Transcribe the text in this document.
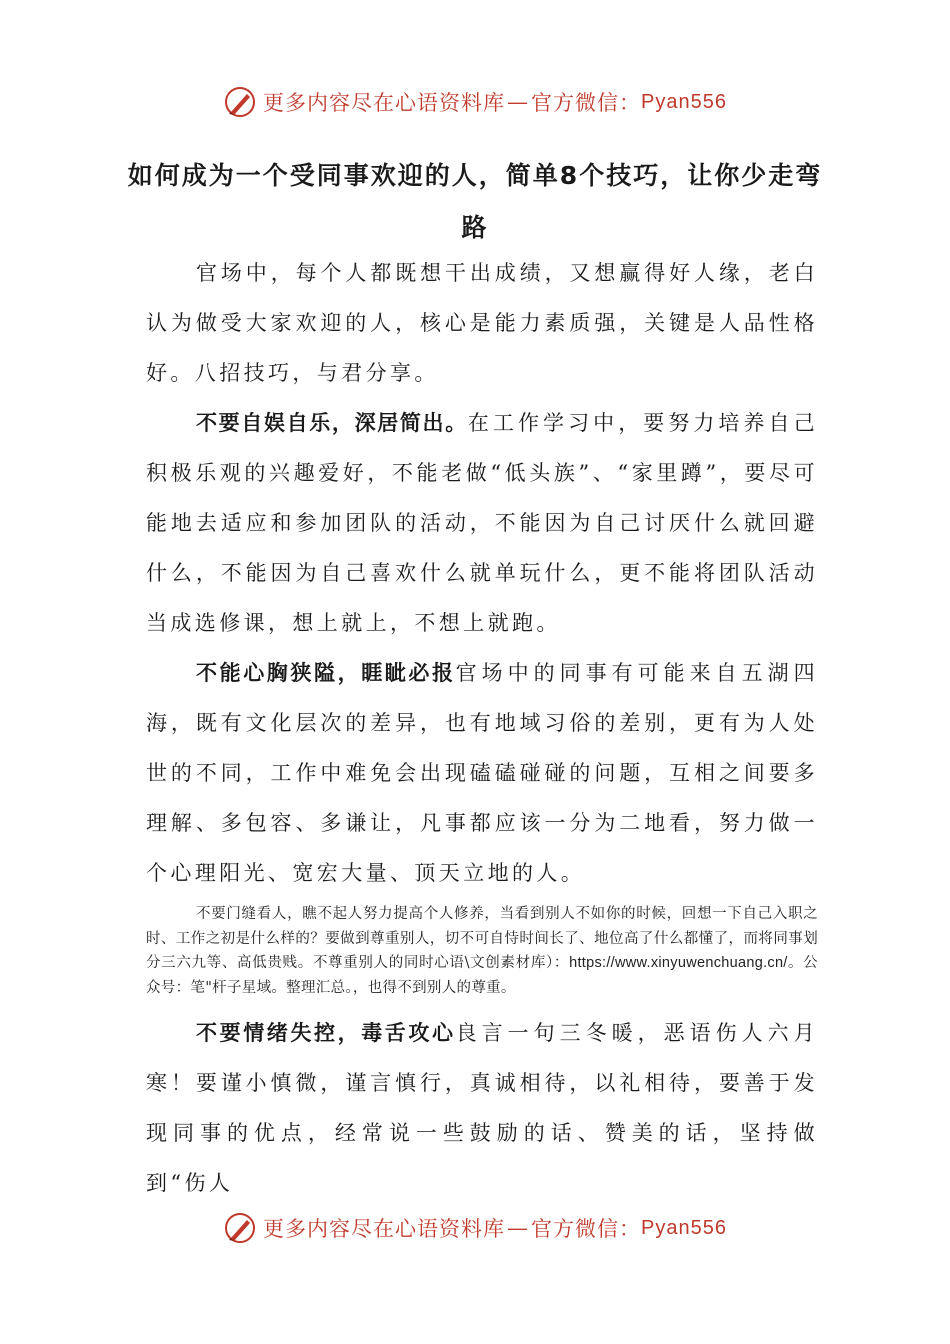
更多内容尽在心语资料库 — 官方微信： Pyan556
如何成为一个受同事欢迎的人，简单8个技巧，让你少走弯路

官场中，每个人都既想干出成绩，又想赢得好人缘，老白认为做受大家欢迎的人，核心是能力素质强，关键是人品性格好。八招技巧，与君分享。

不要自娱自乐，深居简出。在工作学习中，要努力培养自己积极乐观的兴趣爱好，不能老做“低头族”、“家里蹲”，要尽可能地去适应和参加团队的活动，不能因为自己讨厌什么就回避什么，不能因为自己喜欢什么就单玩什么，更不能将团队活动当成选修课，想上就上，不想上就跑。

不能心胸狭隘，睚眦必报官场中的同事有可能来自五湖四海，既有文化层次的差异，也有地域习俗的差别，更有为人处世的不同，工作中难免会出现磕磕碰碰的问题，互相之间要多理解、多包容、多谦让，凡事都应该一分为二地看，努力做一个心理阳光、宽宏大量、顶天立地的人。

不要门缝看人，瞧不起人努力提高个人修养，当看到别人不如你的时候，回想一下自己入职之时、工作之初是什么样的？要做到尊重别人，切不可自恃时间长了、地位高了什么都懂了，而将同事划分三六九等、高低贵贱。不尊重别人的同时心语\文创素材库）：https://www.xinyuwenchuang.cn/。公众号：笔"杆子星域。整理汇总。，也得不到别人的尊重。

不要情绪失控，毒舌攻心良言一句三冬暖，恶语伤人六月寒！要谨小慎微，谨言慎行，真诚相待，以礼相待，要善于发现同事的优点，经常说一些鼓励的话、赞美的话，坚持做到“伤人

更多内容尽在心语资料库 — 官方微信： Pyan556
